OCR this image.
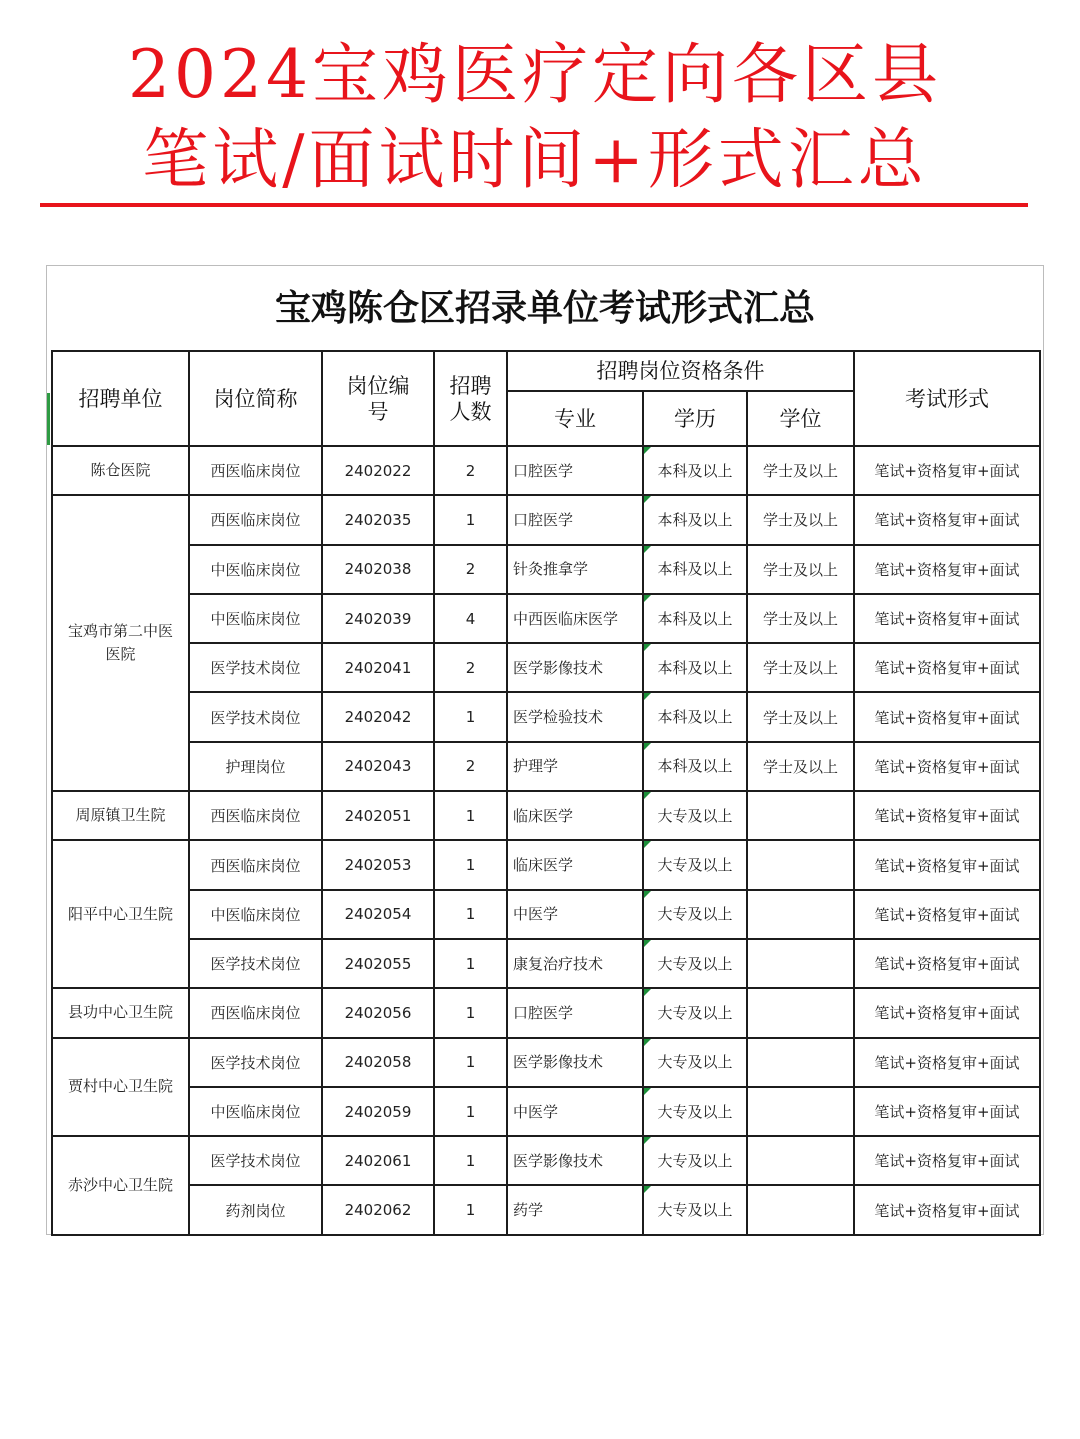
2024宝鸡医疗定向各区县
笔试/面试时间+形式汇总
宝鸡陈仓区招录单位考试形式汇总
招聘单位	岗位简称	岗位编号	招聘人数	招聘岗位资格条件			考试形式
				专业	学历	学位	
陈仓医院	西医临床岗位	2402022	2	口腔医学	本科及以上	学士及以上	笔试+资格复审+面试
宝鸡市第二中医医院	西医临床岗位	2402035	1	口腔医学	本科及以上	学士及以上	笔试+资格复审+面试
	中医临床岗位	2402038	2	针灸推拿学	本科及以上	学士及以上	笔试+资格复审+面试
	中医临床岗位	2402039	4	中西医临床医学	本科及以上	学士及以上	笔试+资格复审+面试
	医学技术岗位	2402041	2	医学影像技术	本科及以上	学士及以上	笔试+资格复审+面试
	医学技术岗位	2402042	1	医学检验技术	本科及以上	学士及以上	笔试+资格复审+面试
	护理岗位	2402043	2	护理学	本科及以上	学士及以上	笔试+资格复审+面试
周原镇卫生院	西医临床岗位	2402051	1	临床医学	大专及以上		笔试+资格复审+面试
阳平中心卫生院	西医临床岗位	2402053	1	临床医学	大专及以上		笔试+资格复审+面试
	中医临床岗位	2402054	1	中医学	大专及以上		笔试+资格复审+面试
	医学技术岗位	2402055	1	康复治疗技术	大专及以上		笔试+资格复审+面试
县功中心卫生院	西医临床岗位	2402056	1	口腔医学	大专及以上		笔试+资格复审+面试
贾村中心卫生院	医学技术岗位	2402058	1	医学影像技术	大专及以上		笔试+资格复审+面试
	中医临床岗位	2402059	1	中医学	大专及以上		笔试+资格复审+面试
赤沙中心卫生院	医学技术岗位	2402061	1	医学影像技术	大专及以上		笔试+资格复审+面试
	药剂岗位	2402062	1	药学	大专及以上		笔试+资格复审+面试
